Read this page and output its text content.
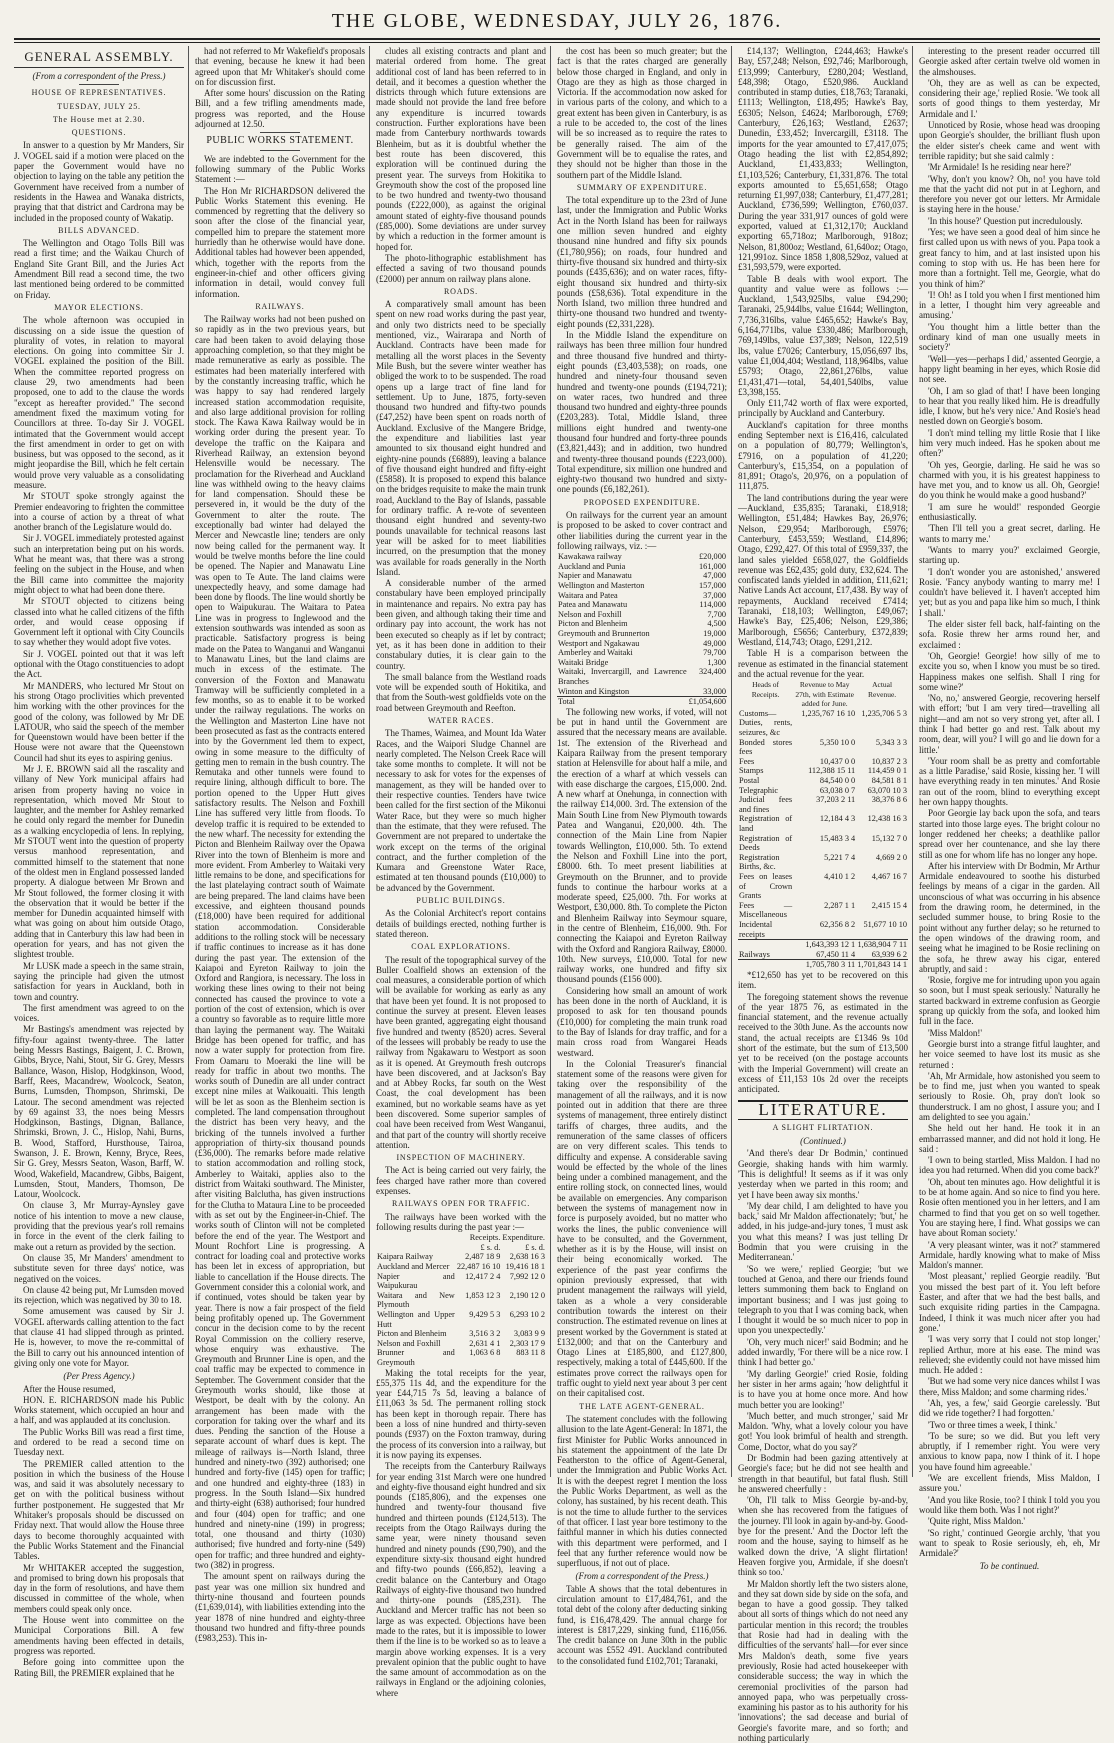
THE GLOBE, WEDNESDAY, JULY 26, 1876.

GENERAL ASSEMBLY.

(From a correspondent of the Press.)

HOUSE OF REPRESENTATIVES.

TUESDAY, JULY 25.

The House met at 2.30.

QUESTIONS.

In answer to a question by Mr Manders, Sir J. VOGEL said if a motion were placed on the paper the Government would have no objection to laying on the table any petition the Government have received from a number of residents in the Hawea and Wanaka districts, praying that that district and Cardrona may be included in the proposed county of Wakatip.

BILLS ADVANCED.

The Wellington and Otago Tolls Bill was read a first time; and the Waikau Church of England Site Grant Bill, and the Juries Act Amendment Bill read a second time, the two last mentioned being ordered to be committed on Friday.

MAYOR ELECTIONS.

The whole afternoon was occupied in discussing on a side issue the question of plurality of votes, in relation to mayoral elections. On going into committee Sir J. VOGEL explained the position of the Bill. When the committee reported progress on clause 29, two amendments had been proposed, one to add to the clause the words "except as hereafter provided." The second amendment fixed the maximum voting for Councillors at three. To-day Sir J. VOGEL intimated that the Government would accept the first amendment in order to get on with business, but was opposed to the second, as it might jeopardise the Bill, which he felt certain would prove very valuable as a consolidating measure.

Mr STOUT spoke strongly against the Premier endeavoring to frighten the committee into a course of action by a threat of what another branch of the Legislature would do.

Sir J. VOGEL immediately protested against such an interpretation being put on his words. What he meant was, that there was a strong feeling on the subject in the House, and when the Bill came into committee the majority might object to what had been done there.

Mr STOUT objected to citizens being classed into what he called citizens of the fifth order, and would cease opposing if Government left it optional with City Councils to say whether they would adopt five votes.

Sir J. VOGEL pointed out that it was left optional with the Otago constituencies to adopt the Act.

Mr MANDERS, who lectured Mr Stout on his strong Otago proclivities which prevented him working with the other provinces for the good of the colony, was followed by Mr DE LATOUR, who said the speech of the member for Queenstown would have been better if the House were not aware that the Queenstown Council had shut its eyes to aspiring genius.

Mr J. E. BROWN said all the rascality and villany of New York municipal affairs had arisen from property having no voice in representation, which moved Mr Stout to laughter, and the member for Ashley remarked he could only regard the member for Dunedin as a walking encyclopedia of lens. In replying, Mr STOUT went into the question of property versus manhood representation, and committed himself to the statement that none of the oldest men in England possessed landed property. A dialogue between Mr Brown and Mr Stout followed, the former closing it with the observation that it would be better if the member for Dunedin acquainted himself with what was going on about him outside Otago, adding that in Canterbury this law had been in operation for years, and has not given the slightest trouble.

Mr LUSK made a speech in the same strain, saying the principle had given the utmost satisfaction for years in Auckland, both in town and country.

The first amendment was agreed to on the voices.

Mr Bastings's amendment was rejected by fifty-four against twenty-three. The latter being Messrs Bastings, Baigent, J. C. Brown, Gibbs, Bryce, Nahi, Stout, Sir G. Grey, Messrs Ballance, Wason, Hislop, Hodgkinson, Wood, Barff, Rees, Macandrew, Woolcock, Seaton, Burns, Lumsden, Thompson, Shrimski, De Latour. The second amendment was rejected by 69 against 33, the noes being Messrs Hodgkinson, Bastings, Dignan, Ballance, Shrimski, Brown, J. C., Hislop, Nahi, Burns, B. Wood, Stafford, Hursthouse, Tairoa, Swanson, J. E. Brown, Kenny, Bryce, Rees, Sir G. Grey, Messrs Seaton, Wason, Barff, W. Wood, Wakefield, Macandrew, Gibbs, Baigent, Lumsden, Stout, Manders, Thomson, De Latour, Woolcock.

On clause 3, Mr Murray-Aynsley gave notice of his intention to move a new clause, providing that the previous year's roll remains in force in the event of the clerk failing to make out a return as provided by the section.

On clause 35, Mr Manders' amendment to substitute seven for three days' notice, was negatived on the voices.

On clause 42 being put, Mr Lumsden moved its rejection, which was negatived by 30 to 18.

Some amusement was caused by Sir J. VOGEL afterwards calling attention to the fact that clause 41 had slipped through as printed. He is, however, to move the re-committal of the Bill to carry out his announced intention of giving only one vote for Mayor.

(Per Press Agency.)

After the House resumed,

HON. E. RICHARDSON made his Public Works statement, which occupied an hour and a half, and was applauded at its conclusion.

The Public Works Bill was read a first time, and ordered to be read a second time on Tuesday next.

The PREMIER called attention to the position in which the business of the House was, and said it was absolutely necessary to get on with the political business without further postponement. He suggested that Mr Whitaker's proposals should be discussed on Friday next. That would allow the House three days to become thoroughly acquainted with the Public Works Statement and the Financial Tables.

Mr WHITAKER accepted the suggestion, and promised to bring down his proposals that day in the form of resolutions, and have them discussed in committee of the whole, when members could speak only once.

The House went into committee on the Municipal Corporations Bill. A few amendments having been effected in details, progress was reported.

Before going into committee upon the Rating Bill, the PREMIER explained that he

had not referred to Mr Wakefield's proposals that evening, because he knew it had been agreed upon that Mr Whitaker's should come on for discussion first.

After some hours' discussion on the Rating Bill, and a few trifling amendments made, progress was reported, and the House adjourned at 12.50.

PUBLIC WORKS STATEMENT.

We are indebted to the Government for the following summary of the Public Works Statement :—

The Hon Mr RICHARDSON delivered the Public Works Statement this evening. He commenced by regretting that the delivery so soon after the close of the financial year, compelled him to prepare the statement more hurriedly than he otherwise would have done. Additional tables had however been appended, which, together with the reports from the engineer-in-chief and other officers giving information in detail, would convey full information.

RAILWAYS.

The Railway works had not been pushed on so rapidly as in the two previous years, but care had been taken to avoid delaying those approaching completion, so that they might be made remunerative as early as possible. The estimates had been materially interfered with by the constantly increasing traffic, which he was happy to say had rendered largely increased station accommodation requisite, and also large additional provision for rolling stock. The Kawa Kawa Railway would be in working order during the present year. To develope the traffic on the Kaipara and Riverhead Railway, an extension beyond Helensville would be necessary. The proclamation for the Riverhead and Auckland line was withheld owing to the heavy claims for land compensation. Should these be persevered in, it would be the duty of the Government to alter the route. The exceptionally bad winter had delayed the Mercer and Newcastle line; tenders are only now being called for the permanent way. It would be twelve months before the line could be opened. The Napier and Manawatu Line was open to Te Aute. The land claims were unexpectedly heavy, and some damage had been done by floods. The line would shortly be open to Waipukurau. The Waitara to Patea Line was in progress to Inglewood and the extension southwards was intended as soon as practicable. Satisfactory progress is being made on the Patea to Wanganui and Wanganui to Manawatu Lines, but the land claims are much in excess of the estimate. The conversion of the Foxton and Manawatu Tramway will be sufficiently completed in a few months, so as to enable it to be worked under the railway regulations. The works on the Wellington and Masterton Line have not been prosecuted as fast as the contracts entered into by the Government led them to expect, owing in some measure to the difficulty of getting men to remain in the bush country. The Remutaka and other tunnels were found to require lining, although difficult to bore. The portion opened to the Upper Hutt gives satisfactory results. The Nelson and Foxhill Line has suffered very little from floods. To develop traffic it is required to be extended to the new wharf. The necessity for extending the Picton and Blenheim Railway over the Opawa River into the town of Blenheim is more and more evident. From Amberley to Waitaki very little remains to be done, and specifications for the last platelaying contract south of Waimate are being prepared. The land claims have been excessive, and eighteen thousand pounds (£18,000) have been required for additional station accommodation. Considerable additions to the rolling stock will be necessary if traffic continues to increase as it has done during the past year. The extension of the Kaiapoi and Eyreton Railway to join the Oxford and Rangiora, is necessary. The loss in working these lines owing to their not being connected has caused the province to vote a portion of the cost of extension, which is over a country so favorable as to require little more than laying the permanent way. The Waitaki Bridge has been opened for traffic, and has now a water supply for protection from fire. From Oamaru to Moeraki the line will be ready for traffic in about two months. The works south of Dunedin are all under contract except nine miles at Waikouaiti. This length will be let as soon as the Blenheim section is completed. The land compensation throughout the district has been very heavy, and the bricking of the tunnels involved a further appropriation of thirty-six thousand pounds (£36,000). The remarks before made relative to station accommodation and rolling stock, Amberley to Waitaki, applies also to the district from Waitaki southward. The Minister, after visiting Balclutha, has given instructions for the Clutha to Mataura Line to be proceeded with as set out by the Engineer-in-Chief. The works south of Clinton will not be completed before the end of the year. The Westport and Mount Rochfort Line is progressing. A contract for loading coal and protective works has been let in excess of appropriation, but liable to cancellation if the House directs. The Government consider this a colonial work, and if continued, votes should be taken year by year. There is now a fair prospect of the field being profitably opened up. The Government concur in the decision come to by the recent Royal Commission on the colliery reserve, whose enquiry was exhaustive. The Greymouth and Brunner Line is open, and the coal traffic may be expected to commence in September. The Government consider that the Greymouth works should, like those at Westport, be dealt with by the colony. An arrangement has been made with the corporation for taking over the wharf and its dues. Pending the sanction of the House a separate account of wharf dues is kept. The mileage of railways is—North Island, three hundred and ninety-two (392) authorised; one hundred and forty-five (145) open for traffic; and one hundred and eighty-three (183) in progress. In the South Island—Six hundred and thirty-eight (638) authorised; four hundred and four (404) open for traffic; and one hundred and ninety-nine (199) in progress; total, one thousand and thirty (1030) authorised; five hundred and forty-nine (549) open for traffic; and three hundred and eighty-two (382) in progress.

The amount spent on railways during the past year was one million six hundred and thirty-nine thousand and fourteen pounds (£1,639,014), with liabilities extending into the year 1878 of nine hundred and eighty-three thousand two hundred and fifty-three pounds (£983,253). This in-

cludes all existing contracts and plant and material ordered from home. The great additional cost of land has been referred to in detail, and it becomes a question whether the districts through which future extensions are made should not provide the land free before any expenditure is incurred towards construction. Further explorations have been made from Canterbury northwards towards Blenheim, but as it is doubtful whether the best route has been discovered, this exploration will be continued during the present year. The surveys from Hokitika to Greymouth show the cost of the proposed line to be two hundred and twenty-two thousand pounds (£222,000), as against the original amount stated of eighty-five thousand pounds (£85,000). Some deviations are under survey by which a reduction in the former amount is hoped for.

The photo-lithographic establishment has effected a saving of two thousand pounds (£2000) per annum on railway plans alone.

ROADS.

A comparatively small amount has been spent on new road works during the past year, and only two districts need to be specially mentioned, viz., Wairarapa and North of Auckland. Contracts have been made for metalling all the worst places in the Seventy Mile Bush, but the severe winter weather has obliged the work to to be suspended. The road opens up a large tract of fine land for settlement. Up to June, 1875, forty-seven thousand two hundred and fifty-two pounds (£47,252) have been spent on roads north of Auckland. Exclusive of the Mangere Bridge, the expenditure and liabilities last year amounted to six thousand eight hundred and eighty-nine pounds (£6889), leaving a balance of five thousand eight hundred and fifty-eight (£5858). It is proposed to expend this balance on the bridges requisite to make the main trunk road, Auckland to the Bay of Islands, passable for ordinary traffic. A re-vote of seventeen thousand eight hundred and seventy-two pounds unavailable for technical reasons last year will be asked for to meet liabilities incurred, on the presumption that the money was available for roads generally in the North Island.

A considerable number of the armed constabulary have been employed principally in maintenance and repairs. No extra pay has been given, and although taking their time and ordinary pay into account, the work has not been executed so cheaply as if let by contract; yet, as it has been done in addition to their constabulary duties, it is clear gain to the country.

The small balance from the Westland roads vote will be expended south of Hokitika, and that from the South-west goldfields vote on the road between Greymouth and Reefton.

WATER RACES.

The Thames, Waimea, and Mount Ida Water Races, and the Waipori Sludge Channel are nearly completed. The Nelson Creek Race will take some months to complete. It will not be necessary to ask for votes for the expenses of management, as they will be handed over to their respective counties. Tenders have twice been called for the first section of the Mikonui Water Race, but they were so much higher than the estimate, that they were refused. The Government are not prepared to undertake the work except on the terms of the original contract, and the further completion of the Kumara and Greenstone Water Race, estimated at ten thousand pounds (£10,000) to be advanced by the Government.

PUBLIC BUILDINGS.

As the Colonial Architect's report contains details of buildings erected, nothing further is stated thereon.

COAL EXPLORATIONS.

The result of the topographical survey of the Buller Coalfield shows an extension of the coal measures, a considerable portion of which will be available for working as early as any that have been yet found. It is not proposed to continue the survey at present. Eleven leases have been granted, aggregating eight thousand five hundred and twenty (8520) acres. Several of the lessees will probably be ready to use the railway from Ngakawaru to Westport as soon as it is opened. At Greymouth fresh outcrops have been discovered, and at Jackson's Bay and at Abbey Rocks, far south on the West Coast, the coal development has been examined, but no workable seams have as yet been discovered. Some superior samples of coal have been received from West Wanganui, and that part of the country will shortly receive attention.

INSPECTION OF MACHINERY.

The Act is being carried out very fairly, the fees charged have rather more than covered expenses.

RAILWAYS OPEN FOR TRAFFIC.

The railways have been worked with the following results during the past year :—

	Receipts.	Expenditure.
	£ s. d.	£ s. d.
Kaipara Railway	2,487 18 9	2,638 16 3
Auckland and Mercer	22,487 16 10	19,416 18 1
Napier and Waipukurau	12,417 2 4	7,992 12 0
Waitara and New Plymouth	1,853 12 3	2,190 12 0
Wellington and Upper Hutt	9,429 5 3	6,293 10 2
Picton and Blenheim	3,516 3 2	3,083 9 9
Nelson and Foxhill	2,631 4 1	2,303 17 9
Brunner and Greymouth	1,063 6 8	883 11 8

Making the total receipts for the year, £55,375 11s 4d, and the expenditure for the year £44,715 7s 5d, leaving a balance of £11,063 3s 5d. The permanent rolling stock has been kept in thorough repair. There has been a loss of nine hundred and thirty-seven pounds (£937) on the Foxton tramway, during the process of its conversion into a railway, but it is now paying its expenses.

The receipts from the Canterbury Railways for year ending 31st March were one hundred and eighty-five thousand eight hundred and six pounds (£185,806), and the expenses one hundred and twenty-four thousand five hundred and thirteen pounds (£124,513). The receipts from the Otago Railways during the same year, were ninety thousand seven hundred and ninety pounds (£90,790), and the expenditure sixty-six thousand eight hundred and fifty-two pounds (£66,852), leaving a credit balance on the Canterbury and Otago Railways of eighty-five thousand two hundred and thirty-one pounds (£85,231). The Auckland and Mercer traffic has not been so large as was expected. Objections have been made to the rates, but it is impossible to lower them if the line is to be worked so as to leave a margin above working expenses. It is a very prevalent opinion that the public ought to have the same amount of accommodation as on the railways in England or the adjoining colonies, where

the cost has been so much greater; but the fact is that the rates charged are generally below those charged in England, and only in Otago are they as high as those charged in Victoria. If the accommodation now asked for in various parts of the colony, and which to a great extent has been given in Canterbury, is as a rule to be acceded to, the cost of the lines will be so increased as to require the rates to be generally raised. The aim of the Government will be to equalise the rates, and they should not be higher than those in the southern part of the Middle Island.

SUMMARY OF EXPENDITURE.

The total expenditure up to the 23rd of June last, under the Immigration and Public Works Act in the North Island has been for railways one million seven hundred and eighty thousand nine hundred and fifty six pounds (£1,780,956); on roads, four hundred and thirty-five thousand six hundred and thirty-six pounds (£435,636); and on water races, fifty-eight thousand six hundred and thirty-six pounds (£58,636). Total expenditure in the North Island, two million three hundred and thirty-one thousand two hundred and twenty-eight pounds (£2,331,228).

In the Middle Island the expenditure on railways has been three million four hundred and three thousand five hundred and thirty-eight pounds (£3,403,538); on roads, one hundred and ninety-four thousand seven hundred and twenty-one pounds (£194,721); on water races, two hundred and three thousand two hundred and eighty-three pounds (£203,283). Total, Middle Island, three millions eight hundred and twenty-one thousand four hundred and forty-three pounds (£3,821,443); and in addition, two hundred and twenty-three thousand pounds (£223,000). Total expenditure, six million one hundred and eighty-two thousand two hundred and sixty-one pounds (£6,182,261).

PROPOSED EXPENDITURE.

On railways for the current year an amount is proposed to be asked to cover contract and other liabilities during the current year in the following railways, viz. :—

Kawakawa railway	£20,000
Auckland and Punia	161,000
Napier and Manawatu	47,000
Wellington and Masterton	157,000
Waitara and Patea	37,000
Patea and Manawatu	114,000
Nelson and Foxhill	7,700
Picton and Blenheim	4,500
Greymouth and Brunnerton	19,000
Westport and Ngakawau	49,000
Amberley and Waitaki	79,700
Waitaki Bridge	1,300
Waitaki, Invercargill, and Lawrence Branches	324,400
Winton and Kingston	33,000
Total	£1,054,600

The following new works, if voted, will not be put in hand until the Government are assured that the necessary means are available. 1st. The extension of the Riverhead and Kaipara Railway from the present temporary station at Helensville for about half a mile, and the erection of a wharf at which vessels can with ease discharge the cargoes, £15,000. 2nd. A new wharf at Onehunga, in connection with the railway £14,000. 3rd. The extension of the Main South Line from New Plymouth towards Patea and Wanganui, £20,000. 4th. The connection of the Main Line from Napier towards Wellington, £10,000. 5th. To extend the Nelson and Foxhill Line into the port, £8000. 6th. To meet present liabilities at Greymouth on the Brunner, and to provide funds to continue the harbour works at a moderate speed, £25,000. 7th. For works at Westport, £30,000. 8th. To complete the Picton and Blenheim Railway into Seymour square, in the centre of Blenheim, £16,000. 9th. For connecting the Kaiapoi and Eyreton Railway with the Oxford and Rangiora Railway, £8000. 10th. New surveys, £10,000. Total for new railway works, one hundred and fifty six thousand pounds (£156 000).

Considering how small an amount of work has been done in the north of Auckland, it is proposed to ask for ten thousand pounds (£10,000) for completing the main trunk road to the Bay of Islands for dray traffic, and for a main cross road from Wangarei Heads westward.

In the Colonial Treasurer's financial statement some of the reasons were given for taking over the responsibility of the management of all the railways, and it is now pointed out in addition that there are three systems of management, three entirely distinct tariffs of charges, three audits, and the remuneration of the same classes of officers are on very different scales. This tends to difficulty and expense. A considerable saving would be effected by the whole of the lines being under a combined management, and the entire rolling stock, on connected lines, would be available on emergencies. Any comparison between the systems of management now in force is purposely avoided, but no matter who works the lines, the public convenience will have to be consulted, and the Government, whether as it is by the House, will insist on their being economically worked. The experience of the past year confirms the opinion previously expressed, that with prudent management the railways will yield, taken as a whole a very considerable contribution towards the interest on their construction. The estimated revenue on lines at present worked by the Government is stated at £132,000; and that on the Canterbury and Otago Lines at £185,800, and £127,800, respectively, making a total of £445,600. If the estimates prove correct the railways open for traffic ought to yield next year about 3 per cent on their capitalised cost.

THE LATE AGENT-GENERAL.

The statement concludes with the following allusion to the late Agent-General: In 1871, the first Minister for Public Works announced in his statement the appointment of the late Dr Featherston to the office of Agent-General, under the Immigration and Public Works Act. It is with the deepest regret I mention the loss the Public Works Department, as well as the colony, has sustained, by his recent death. This is not the time to allude further to the services of that officer. I last year bore testimony to the faithful manner in which his duties connected with this department were performed, and I feel that any further reference would now be superfluous, if not out of place.

(From a correspondent of the Press.)

Table A shows that the total debentures in circulation amount to £17,484,761, and the total debt of the colony after deducting sinking fund, is £16,478,429. The annual charge for interest is £817,229, sinking fund, £116,056. The credit balance on June 30th in the public account was £552 491. Auckland contributed to the consolidated fund £102,701; Taranaki,

£14,137; Wellington, £244,463; Hawke's Bay, £57,248; Nelson, £92,746; Marlborough, £13,999; Canterbury, £280,204; Westland, £48,398; Otago, £520,986. Auckland contributed in stamp duties, £18,763; Taranaki, £1113; Wellington, £18,495; Hawke's Bay, £6305; Nelson, £4624; Marlborough, £769; Canterbury, £26,163; Westland, £2637; Dunedin, £33,452; Invercargill, £3118. The imports for the year amounted to £7,417,075; Otago heading the list with £2,854,892; Auckland, £1,433,833; Wellington, £1,103,526; Canterbury, £1,331,876. The total exports amounted to £5,651,658; Otago returning £1,997,038; Canterbury, £1,477,281; Auckland, £736,599; Wellington, £760,037. During the year 331,917 ounces of gold were exported, valued at £1,312,170; Auckland exporting 65,718oz; Marlborough, 918oz; Nelson, 81,800oz; Westland, 61,640oz; Otago, 121,991oz. Since 1858 1,808,529oz, valued at £31,593,579, were exported.

Table B deals with wool export. The quantity and value were as follows :—Auckland, 1,543,925lbs, value £94,290; Taranaki, 25,944lbs, value £1644; Wellington, 7,736,316lbs, value £465,652; Hawke's Bay, 6,164,771lbs, value £330,486; Marlborough, 769,149lbs, value £37,389; Nelson, 122,519 lbs, value £7026; Canterbury, 15,056,697 lbs, value £1,004,404; Westland, 118,964lbs, value £5793; Otago, 22,861,276lbs, value £1,431,471—total, 54,401,540lbs, value £3,398,155.

Only £11,742 worth of flax were exported, principally by Auckland and Canterbury.

Auckland's capitation for three months ending September next is £16,416, calculated on a population of 80,779; Wellington's, £7916, on a population of 41,220; Canterbury's, £15,354, on a population of 81,891; Otago's, 20,976, on a population of 111,875.

The land contributions during the year were—Auckland, £35,835; Taranaki, £18,918; Wellington, £51,484; Hawkes Bay, 26,976; Nelson, £29,954; Marlborough, £5976; Canterbury, £453,559; Westland, £14,896; Otago, £292,427. Of this total of £959,337, the land sales yielded £658,027, the Goldfields revenue was £62,435; gold duty, £32,624. The confiscated lands yielded in addition, £11,621; Native Lands Act account, £17,438. By way of repayments, Auckland received £7414; Taranaki, £18,103; Wellington, £49,067; Hawke's Bay, £25,406; Nelson, £29,386; Marlborough, £5656; Canterbury, £372,839; Westland, £14,743; Otago, £291,212.

Table H is a comparison between the revenue as estimated in the financial statement and the actual revenue for the year.

Heads of Receipts.	Revenue to May 27th, with Estimate added for June.	Actual Revenue.
Customs—Duties, rents, seizures, &c	1,235,767 16 10	1,235,706 5 3
Bonded stores fees	5,350 10 0	5,343 3 3
Fees	10,437 0 0	10,837 2 3
Stamps	112,388 15 11	114,459 0 1
Postal	84,540 0 0	84,581 8 1
Telegraphic	63,038 0 7	63,070 10 3
Judicial fees and fines	37,203 2 11	38,376 8 6
Registration of land	12,184 4 3	12,438 16 3
Registration of Deeds	15,483 3 4	15,132 7 0
Registration Births, &c.	5,221 7 4	4,669 2 0
Fees on leases of Crown Grants	4,410 1 2	4,467 16 7
Fees — Miscellaneous	2,287 1 1	2,415 15 4
Incidental receipts	62,356 8 2	51,677 10 10
	1,643,393 12 1	1,638,904 7 11
Railways	67,450 11 4	63,939 6 2
	1,705,780 3 11	1,701,843 14 1

*£12,650 has yet to be recovered on this item.

The foregoing statement shows the revenue of the year 1875 76, as estimated in the financial statement, and the revenue actually received to the 30th June. As the accounts now stand, the actual receipts are £1346 9s 10d short of the estimate, but the sum of £13,500 yet to be received (on the postage accounts with the Imperial Government) will create an excess of £11,153 10s 2d over the receipts anticipated.

LITERATURE.

A SLIGHT FLIRTATION.

(Continued.)

'And there's dear Dr Bodmin,' continued Georgie, shaking hands with him warmly. 'This is delightful! It seems as if it was only yesterday when we parted in this room; and yet I have been away six months.'

'My dear child, I am delighted to have you back,' said Mr Maldon affectionately; 'but,' he added, in his judge-and-jury tones, 'I must ask you what this means? I was just telling Dr Bodmin that you were cruising in the Mediterranean.'

'So we were,' replied Georgie; 'but we touched at Genoa, and there our friends found letters summoning them back to England on important business; and I was just going to telegraph to you that I was coming back, when I thought it would be so much nicer to pop in upon you unexpectedly.'

'Oh, very much nicer!' said Bodmin; and he added inwardly, 'For there will be a nice row. I think I had better go.'

'My darling Georgie!' cried Rosie, folding her sister in her arms again; 'how delightful it is to have you at home once more. And how much better you are looking!'

'Much better, and much stronger,' said Mr Maldon. 'Why, what a lovely colour you have got! You look brimful of health and strength. Come, Doctor, what do you say?'

Dr Bodmin had been gazing attentively at Georgie's face; but he did not see health and strength in that beautiful, but fatal flush. Still he answered cheerfully :

'Oh, I'll talk to Miss Georgie by-and-by, when she has recovered from the fatigues of the journey. I'll look in again by-and-by. Good-bye for the present.' And the Doctor left the room and the house, saying to himself as he walked down the drive, 'A slight flirtation! Heaven forgive you, Armidale, if she doesn't think so too.'

Mr Maldon shortly left the two sisters alone, and they sat down side by side on the sofa, and began to have a good gossip. They talked about all sorts of things which do not need any particular mention in this record; the troubles that Rosie had had in dealing with the difficulties of the servants' hall—for ever since Mrs Maldon's death, some five years previously, Rosie had acted housekeeper with considerable success; the way in which the ceremonial proclivities of the parson had annoyed papa, who was perpetually cross-examining his pastor as to his authority for his 'innovations'; the sad decease and burial of Georgie's favorite mare, and so forth; and nothing particularly

interesting to the present reader occurred till Georgie asked after certain twelve old women in the almshouses.

'Oh, they are as well as can be expected, considering their age,' replied Rosie. 'We took all sorts of good things to them yesterday, Mr Armidale and I.'

Unnoticed by Rosie, whose head was drooping upon Georgie's shoulder, the brilliant flush upon the elder sister's cheek came and went with terrible rapidity; but she said calmly :

'Mr Armidale! Is he residing near here?'

'Why, don't you know? Oh, no! you have told me that the yacht did not put in at Leghorn, and therefore you never got our letters. Mr Armidale is staying here in the house.'

'In this house?' Question put incredulously.

'Yes; we have seen a good deal of him since he first called upon us with news of you. Papa took a great fancy to him, and at last insisted upon his coming to stop with us. He has been here for more than a fortnight. Tell me, Georgie, what do you think of him?'

'I! Oh! as I told you when I first mentioned him in a letter, I thought him very agreeable and amusing.'

'You thought him a little better than the ordinary kind of man one usually meets in society?'

'Well—yes—perhaps I did,' assented Georgie, a happy light beaming in her eyes, which Rosie did not see.

'Oh, I am so glad of that! I have been longing to hear that you really liked him. He is dreadfully idle, I know, but he's very nice.' And Rosie's head nestled down on Georgie's bosom.

'I don't mind telling my little Rosie that I like him very much indeed. Has he spoken about me often?'

'Oh yes, Georgie, darling. He said he was so charmed with you, it is his greatest happiness to have met you, and to know us all. Oh, Georgie! do you think he would make a good husband?'

'I am sure he would!' responded Georgie enthusiastically.

'Then I'll tell you a great secret, darling. He wants to marry me.'

'Wants to marry you?' exclaimed Georgie, starting up.

'I don't wonder you are astonished,' answered Rosie. 'Fancy anybody wanting to marry me! I couldn't have believed it. I haven't accepted him yet; but as you and papa like him so much, I think I shall.'

The elder sister fell back, half-fainting on the sofa. Rosie threw her arms round her, and exclaimed :

'Oh, Georgie! Georgie! how silly of me to excite you so, when I know you must be so tired. Happiness makes one selfish. Shall I ring for some wine?'

'No, no,' answered Georgie, recovering herself with effort; 'but I am very tired—travelling all night—and am not so very strong yet, after all. I think I had better go and rest. Talk about my room, dear, will you? I will go and lie down for a little.'

'Your room shall be as pretty and comfortable as a little Paradise,' said Rosie, kissing her. 'I will have everything ready in ten minutes.' And Rosie ran out of the room, blind to everything except her own happy thoughts.

Poor Georgie lay back upon the sofa, and tears started into those large eyes. The bright colour no longer reddened her cheeks; a deathlike pallor spread over her countenance, and she lay there still as one for whom life has no longer any hope.

After his interview with Dr Bodmin, Mr Arthur Armidale endeavoured to soothe his disturbed feelings by means of a cigar in the garden. All unconscious of what was occurring in his absence from the drawing room, he determined, in the secluded summer house, to bring Rosie to the point without any further delay; so he returned to the open windows of the drawing room, and seeing what he imagined to be Rosie reclining on the sofa, he threw away his cigar, entered abruptly, and said :

'Rosie, forgive me for intruding upon you again so soon, but I must speak seriously.' Naturally he started backward in extreme confusion as Georgie sprang up quickly from the sofa, and looked him full in the face.

'Miss Maldon!'

Georgie burst into a strange fitful laughter, and her voice seemed to have lost its music as she returned :

'Ah, Mr Armidale, how astonished you seem to be to find me, just when you wanted to speak seriously to Rosie. Oh, pray don't look so thunderstruck. I am no ghost, I assure you; and I am delighted to see you again.'

She held out her hand. He took it in an embarrassed manner, and did not hold it long. He said :

'I own to being startled, Miss Maldon. I had no idea you had returned. When did you come back?'

'Oh, about ten minutes ago. How delightful it is to be at home again. And so nice to find you here. Rosie often mentioned you in her letters, and I am charmed to find that you get on so well together. You are staying here, I find. What gossips we can have about Roman society.'

'A very pleasant winter, was it not?' stammered Armidale, hardly knowing what to make of Miss Maldon's manner.

'Most pleasant,' replied Georgie readily. 'But you missed the best part of it. You left before Easter, and after that we had the best balls, and such exquisite riding parties in the Campagna. Indeed, I think it was much nicer after you had gone.'

'I was very sorry that I could not stop longer,' replied Arthur, more at his ease. The mind was relieved; she evidently could not have missed him much. He added :

'But we had some very nice dances whilst I was there, Miss Maldon; and some charming rides.'

'Ah, yes, a few,' said Georgie carelessly. 'But did we ride together? I had forgotten.'

'Two or three times a week, I think.'

'To be sure; so we did. But you left very abruptly, if I remember right. You were very anxious to know papa, now I think of it. I hope you have found him agreeable.'

'We are excellent friends, Miss Maldon, I assure you.'

'And you like Rosie, too? I think I told you you would like them both. Was I not right?'

'Quite right, Miss Maldon.'

'So right,' continued Georgie archly, 'that you want to speak to Rosie seriously, eh, eh, Mr Armidale?'

To be continued.
